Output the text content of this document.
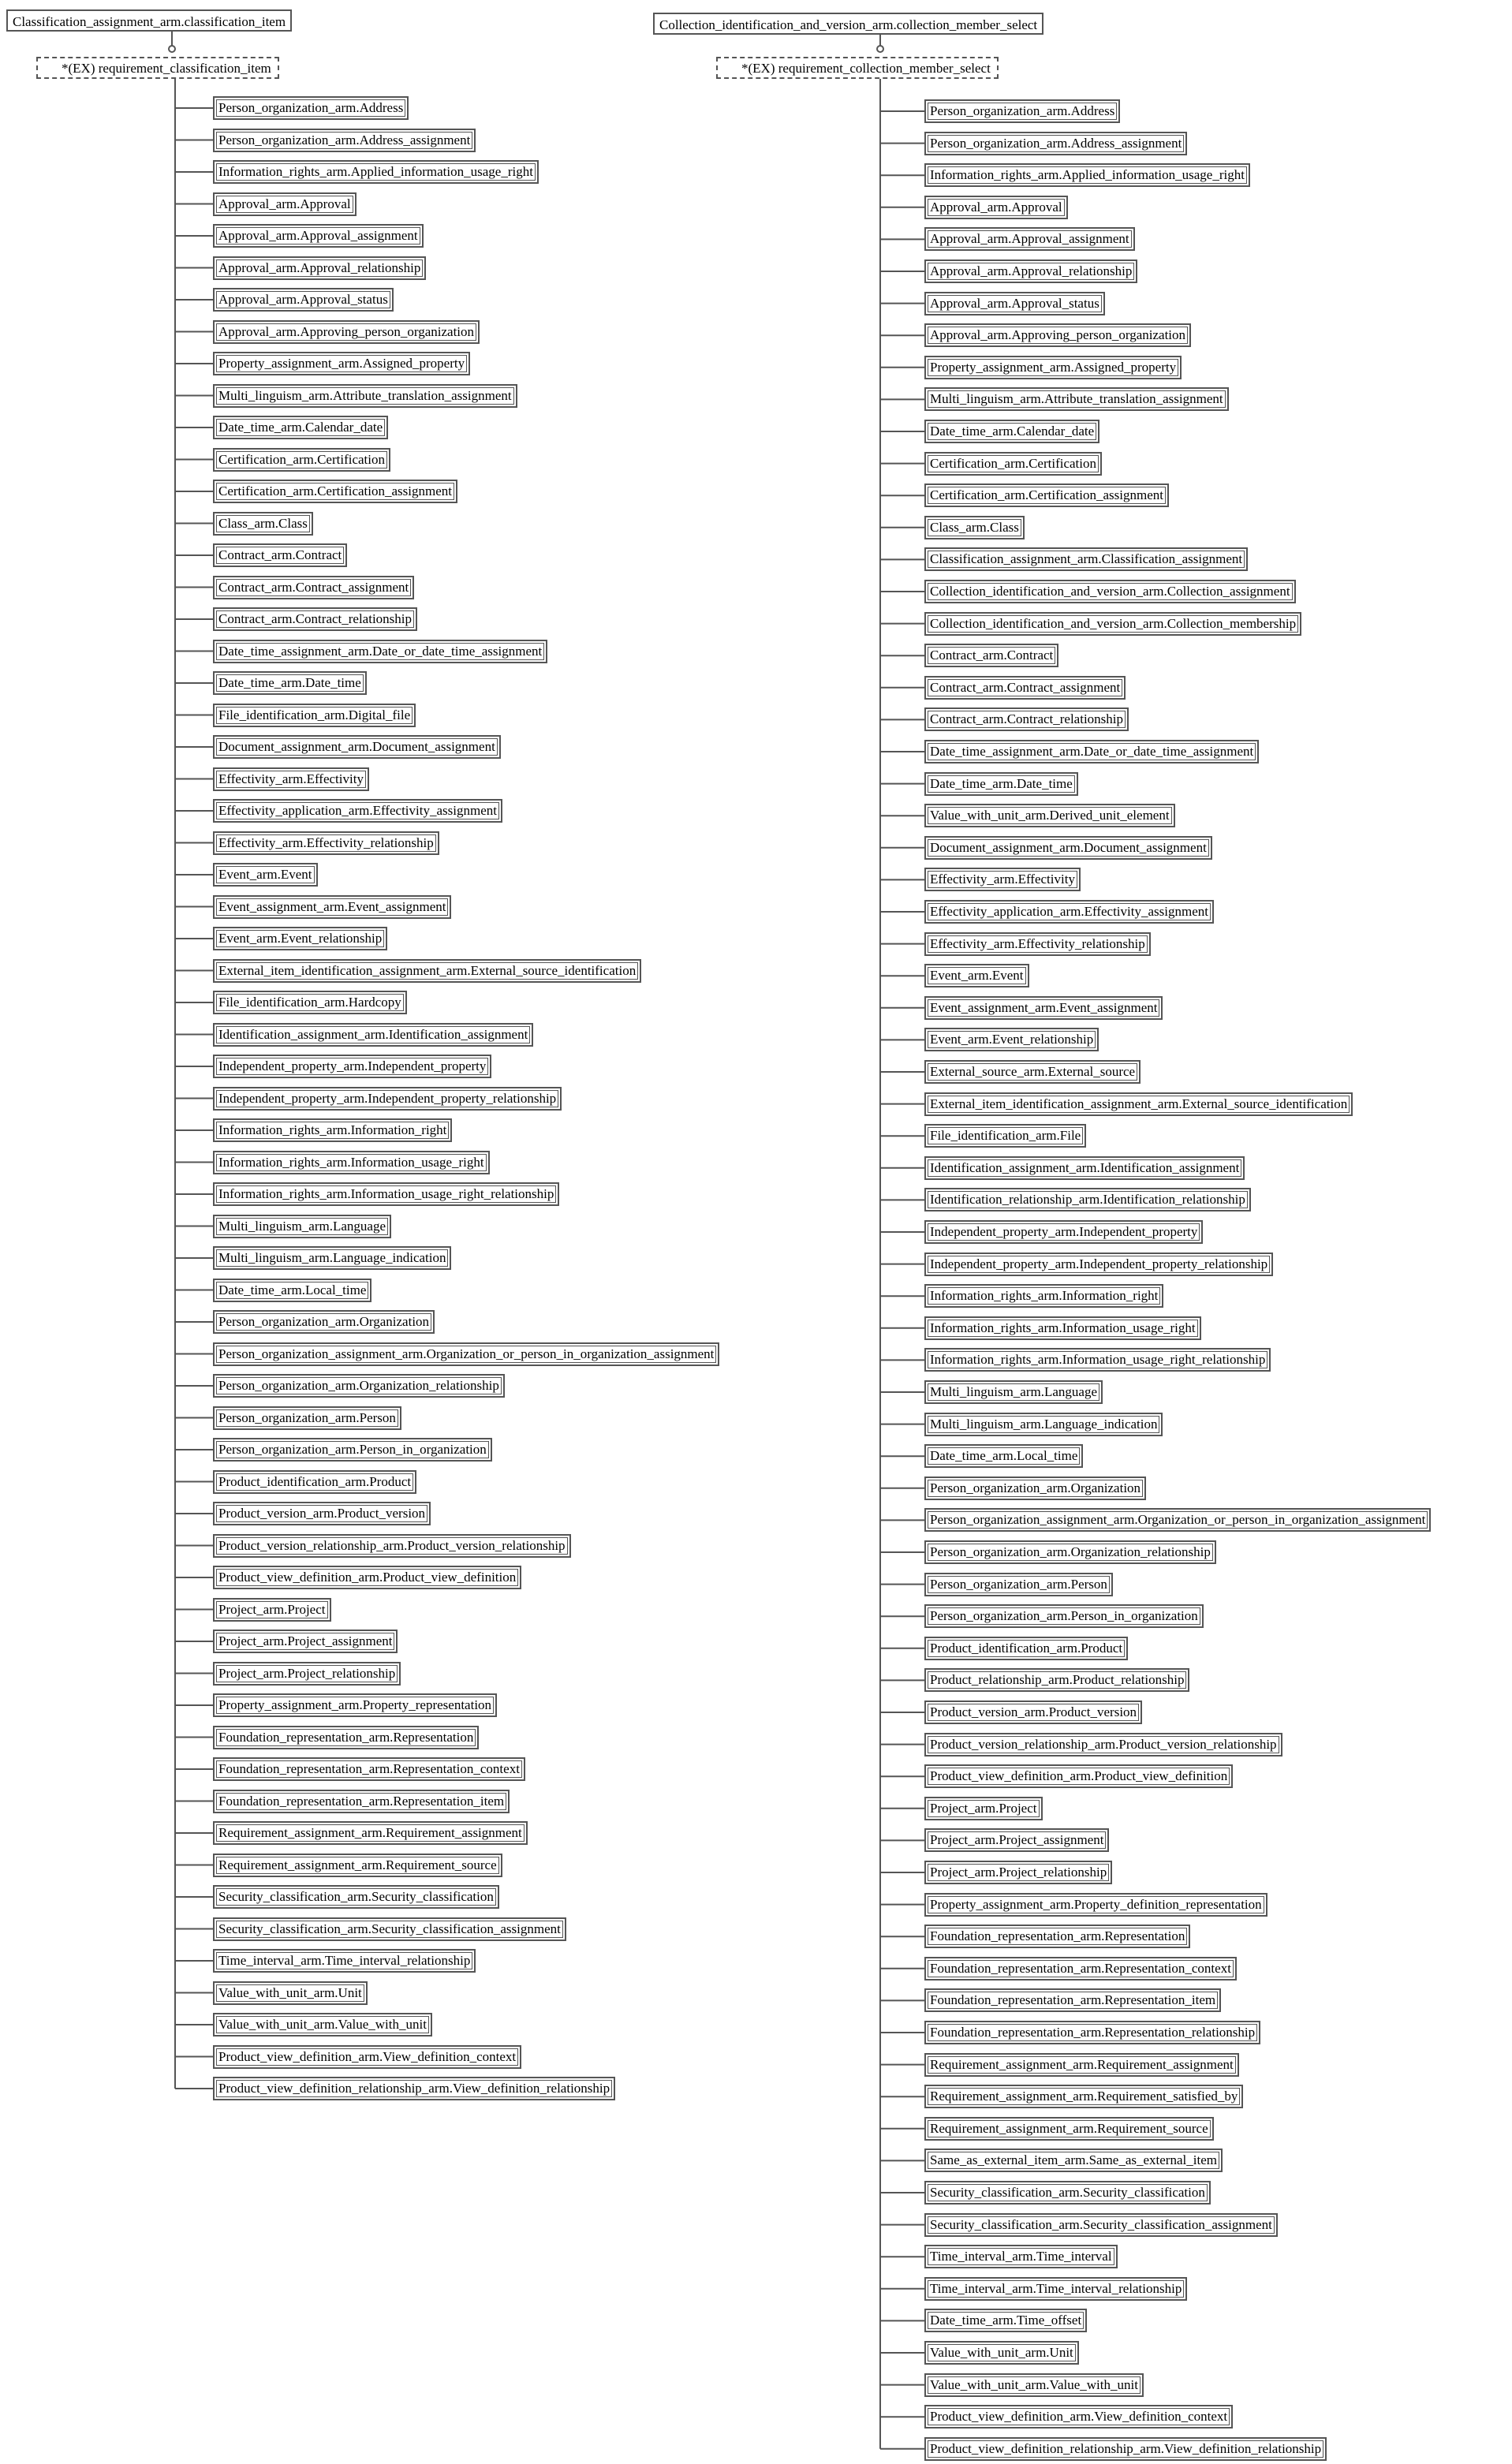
Classification_assignment_arm.classification_item
*(EX) requirement_classification_item
Person_organization_arm.Address
Person_organization_arm.Address_assignment
Information_rights_arm.Applied_information_usage_right
Approval_arm.Approval
Approval_arm.Approval_assignment
Approval_arm.Approval_relationship
Approval_arm.Approval_status
Approval_arm.Approving_person_organization
Property_assignment_arm.Assigned_property
Multi_linguism_arm.Attribute_translation_assignment
Date_time_arm.Calendar_date
Certification_arm.Certification
Certification_arm.Certification_assignment
Class_arm.Class
Contract_arm.Contract
Contract_arm.Contract_assignment
Contract_arm.Contract_relationship
Date_time_assignment_arm.Date_or_date_time_assignment
Date_time_arm.Date_time
File_identification_arm.Digital_file
Document_assignment_arm.Document_assignment
Effectivity_arm.Effectivity
Effectivity_application_arm.Effectivity_assignment
Effectivity_arm.Effectivity_relationship
Event_arm.Event
Event_assignment_arm.Event_assignment
Event_arm.Event_relationship
External_item_identification_assignment_arm.External_source_identification
File_identification_arm.Hardcopy
Identification_assignment_arm.Identification_assignment
Independent_property_arm.Independent_property
Independent_property_arm.Independent_property_relationship
Information_rights_arm.Information_right
Information_rights_arm.Information_usage_right
Information_rights_arm.Information_usage_right_relationship
Multi_linguism_arm.Language
Multi_linguism_arm.Language_indication
Date_time_arm.Local_time
Person_organization_arm.Organization
Person_organization_assignment_arm.Organization_or_person_in_organization_assignment
Person_organization_arm.Organization_relationship
Person_organization_arm.Person
Person_organization_arm.Person_in_organization
Product_identification_arm.Product
Product_version_arm.Product_version
Product_version_relationship_arm.Product_version_relationship
Product_view_definition_arm.Product_view_definition
Project_arm.Project
Project_arm.Project_assignment
Project_arm.Project_relationship
Property_assignment_arm.Property_representation
Foundation_representation_arm.Representation
Foundation_representation_arm.Representation_context
Foundation_representation_arm.Representation_item
Requirement_assignment_arm.Requirement_assignment
Requirement_assignment_arm.Requirement_source
Security_classification_arm.Security_classification
Security_classification_arm.Security_classification_assignment
Time_interval_arm.Time_interval_relationship
Value_with_unit_arm.Unit
Value_with_unit_arm.Value_with_unit
Product_view_definition_arm.View_definition_context
Product_view_definition_relationship_arm.View_definition_relationship
Collection_identification_and_version_arm.collection_member_select
*(EX) requirement_collection_member_select
Person_organization_arm.Address
Person_organization_arm.Address_assignment
Information_rights_arm.Applied_information_usage_right
Approval_arm.Approval
Approval_arm.Approval_assignment
Approval_arm.Approval_relationship
Approval_arm.Approval_status
Approval_arm.Approving_person_organization
Property_assignment_arm.Assigned_property
Multi_linguism_arm.Attribute_translation_assignment
Date_time_arm.Calendar_date
Certification_arm.Certification
Certification_arm.Certification_assignment
Class_arm.Class
Classification_assignment_arm.Classification_assignment
Collection_identification_and_version_arm.Collection_assignment
Collection_identification_and_version_arm.Collection_membership
Contract_arm.Contract
Contract_arm.Contract_assignment
Contract_arm.Contract_relationship
Date_time_assignment_arm.Date_or_date_time_assignment
Date_time_arm.Date_time
Value_with_unit_arm.Derived_unit_element
Document_assignment_arm.Document_assignment
Effectivity_arm.Effectivity
Effectivity_application_arm.Effectivity_assignment
Effectivity_arm.Effectivity_relationship
Event_arm.Event
Event_assignment_arm.Event_assignment
Event_arm.Event_relationship
External_source_arm.External_source
External_item_identification_assignment_arm.External_source_identification
File_identification_arm.File
Identification_assignment_arm.Identification_assignment
Identification_relationship_arm.Identification_relationship
Independent_property_arm.Independent_property
Independent_property_arm.Independent_property_relationship
Information_rights_arm.Information_right
Information_rights_arm.Information_usage_right
Information_rights_arm.Information_usage_right_relationship
Multi_linguism_arm.Language
Multi_linguism_arm.Language_indication
Date_time_arm.Local_time
Person_organization_arm.Organization
Person_organization_assignment_arm.Organization_or_person_in_organization_assignment
Person_organization_arm.Organization_relationship
Person_organization_arm.Person
Person_organization_arm.Person_in_organization
Product_identification_arm.Product
Product_relationship_arm.Product_relationship
Product_version_arm.Product_version
Product_version_relationship_arm.Product_version_relationship
Product_view_definition_arm.Product_view_definition
Project_arm.Project
Project_arm.Project_assignment
Project_arm.Project_relationship
Property_assignment_arm.Property_definition_representation
Foundation_representation_arm.Representation
Foundation_representation_arm.Representation_context
Foundation_representation_arm.Representation_item
Foundation_representation_arm.Representation_relationship
Requirement_assignment_arm.Requirement_assignment
Requirement_assignment_arm.Requirement_satisfied_by
Requirement_assignment_arm.Requirement_source
Same_as_external_item_arm.Same_as_external_item
Security_classification_arm.Security_classification
Security_classification_arm.Security_classification_assignment
Time_interval_arm.Time_interval
Time_interval_arm.Time_interval_relationship
Date_time_arm.Time_offset
Value_with_unit_arm.Unit
Value_with_unit_arm.Value_with_unit
Product_view_definition_arm.View_definition_context
Product_view_definition_relationship_arm.View_definition_relationship
